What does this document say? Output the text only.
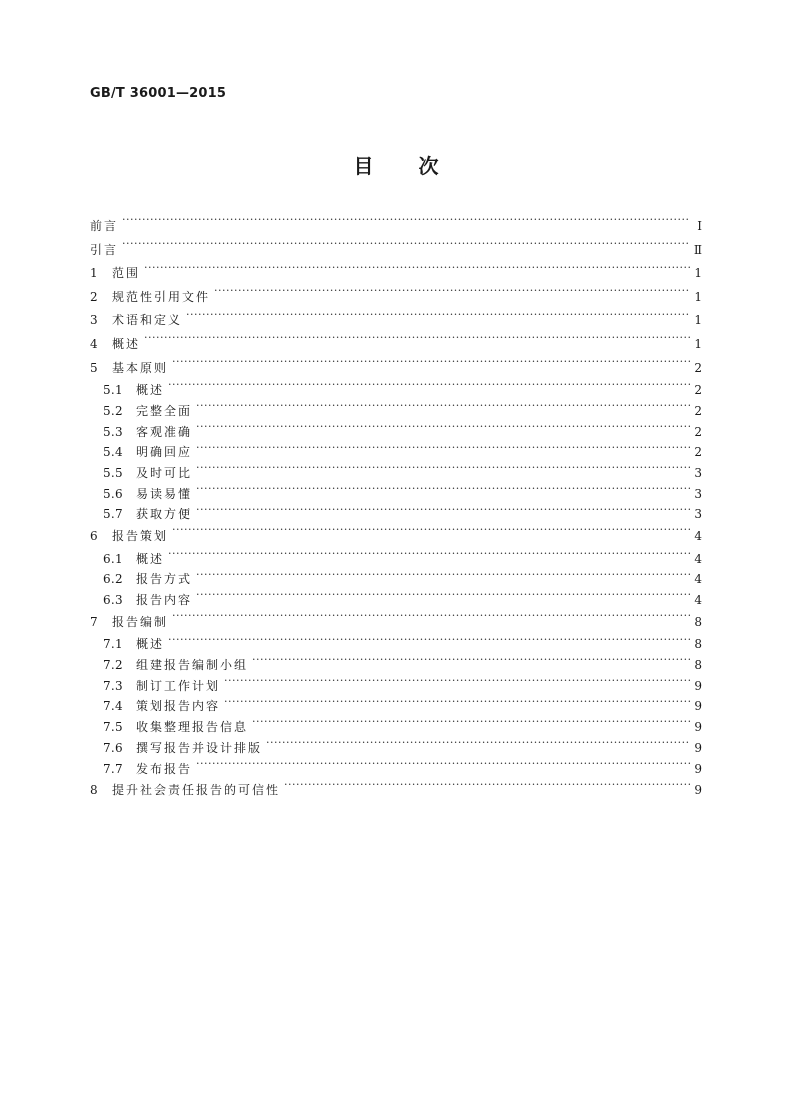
GB/T 36001—2015
目 次
前言 ·····	Ⅰ
引言 ·····	Ⅱ
1	范围 ·····	1
2	规范性引用文件 ·····	1
3	术语和定义 ·····	1
4	概述 ·····	1
5	基本原则 ·····	2
5.1	概述 ·····	2
5.2	完整全面 ·····	2
5.3	客观准确 ·····	2
5.4	明确回应 ·····	2
5.5	及时可比 ·····	3
5.6	易读易懂 ·····	3
5.7	获取方便 ·····	3
6	报告策划 ·····	4
6.1	概述 ·····	4
6.2	报告方式 ·····	4
6.3	报告内容 ·····	4
7	报告编制 ·····	8
7.1	概述 ·····	8
7.2	组建报告编制小组 ·····	8
7.3	制订工作计划 ·····	9
7.4	策划报告内容 ·····	9
7.5	收集整理报告信息 ·····	9
7.6	撰写报告并设计排版 ·····	9
7.7	发布报告 ·····	9
8	提升社会责任报告的可信性 ·····	9
